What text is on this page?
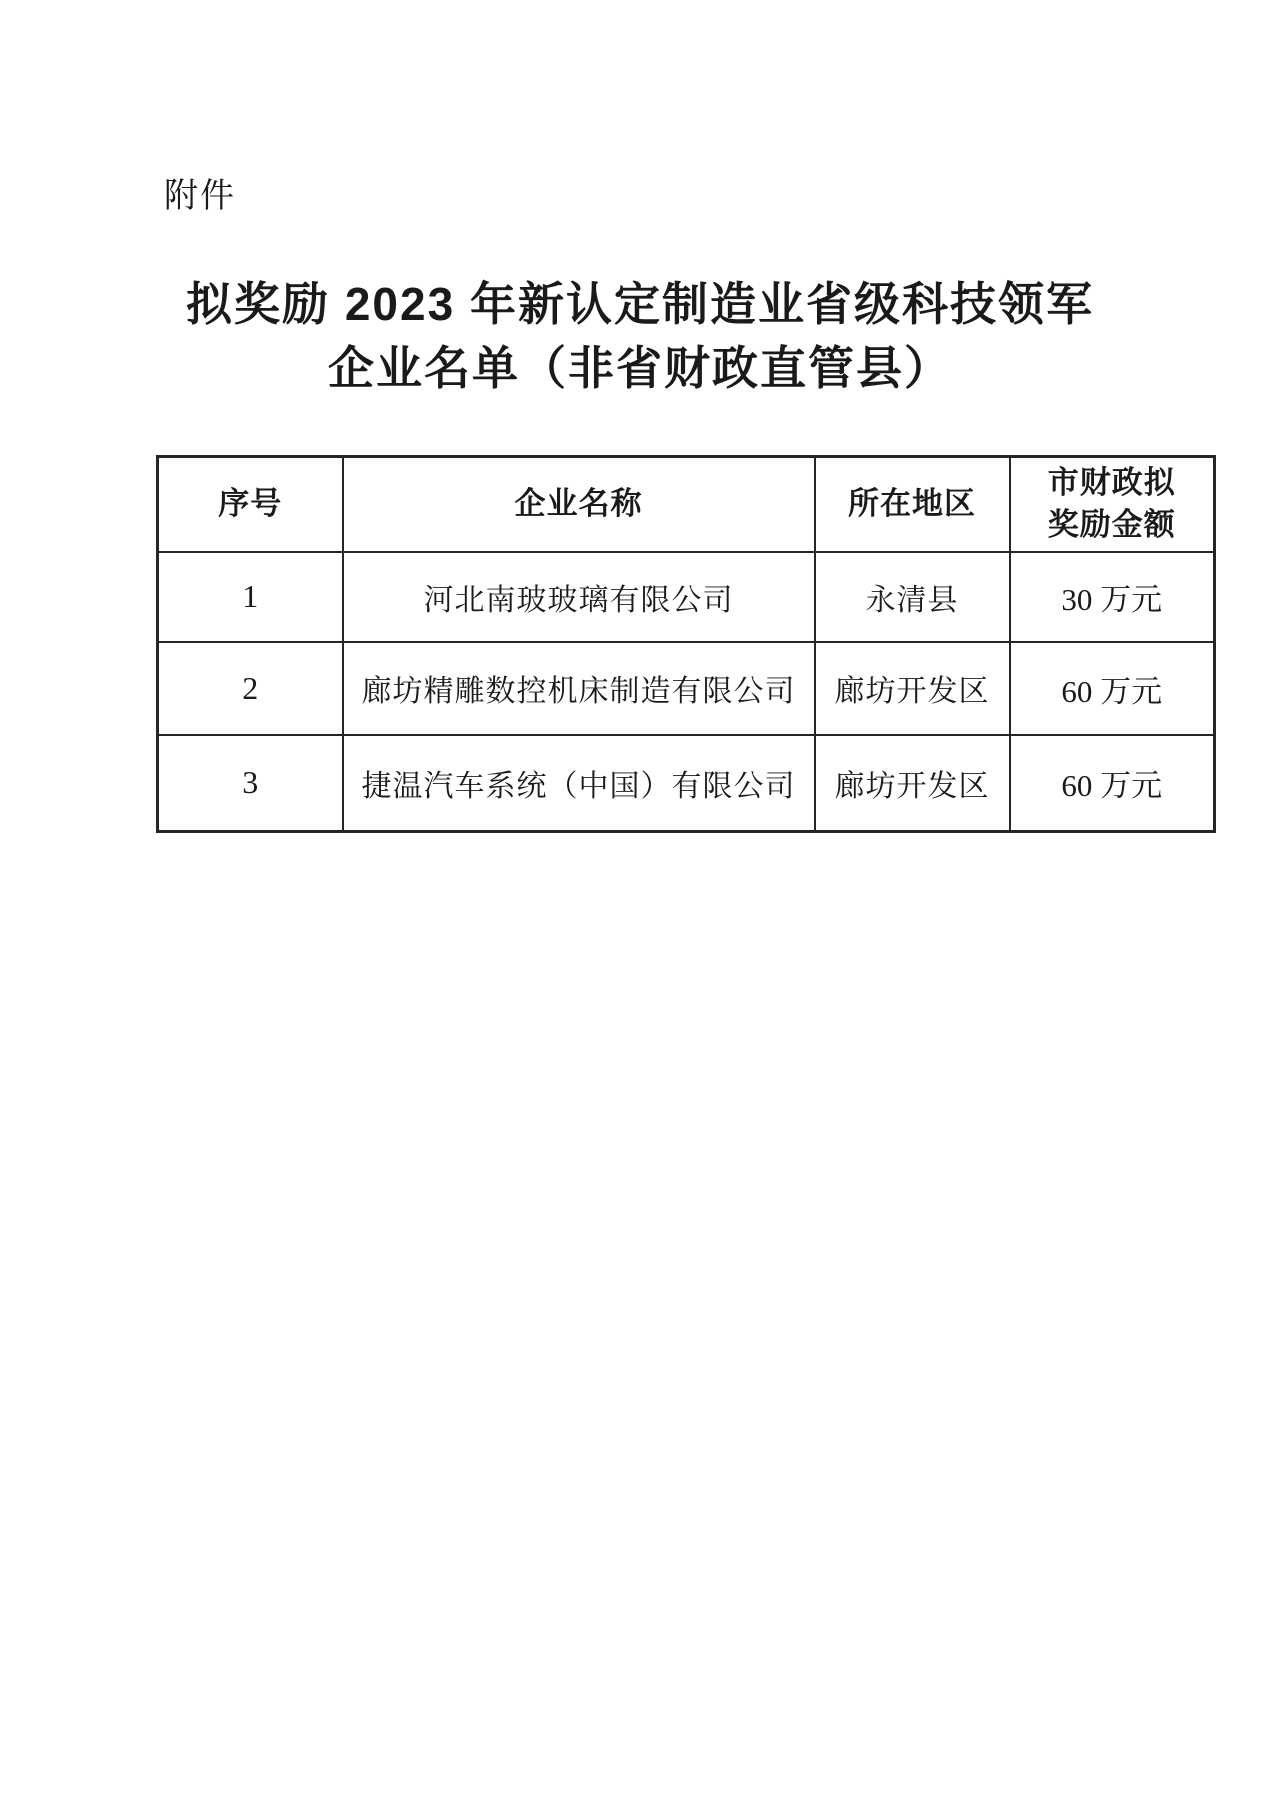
附件
拟奖励 2023 年新认定制造业省级科技领军
企业名单（非省财政直管县）
序号	企业名称	所在地区	市财政拟
奖励金额
1	河北南玻玻璃有限公司	永清县	30 万元
2	廊坊精雕数控机床制造有限公司	廊坊开发区	60 万元
3	捷温汽车系统（中国）有限公司	廊坊开发区	60 万元
